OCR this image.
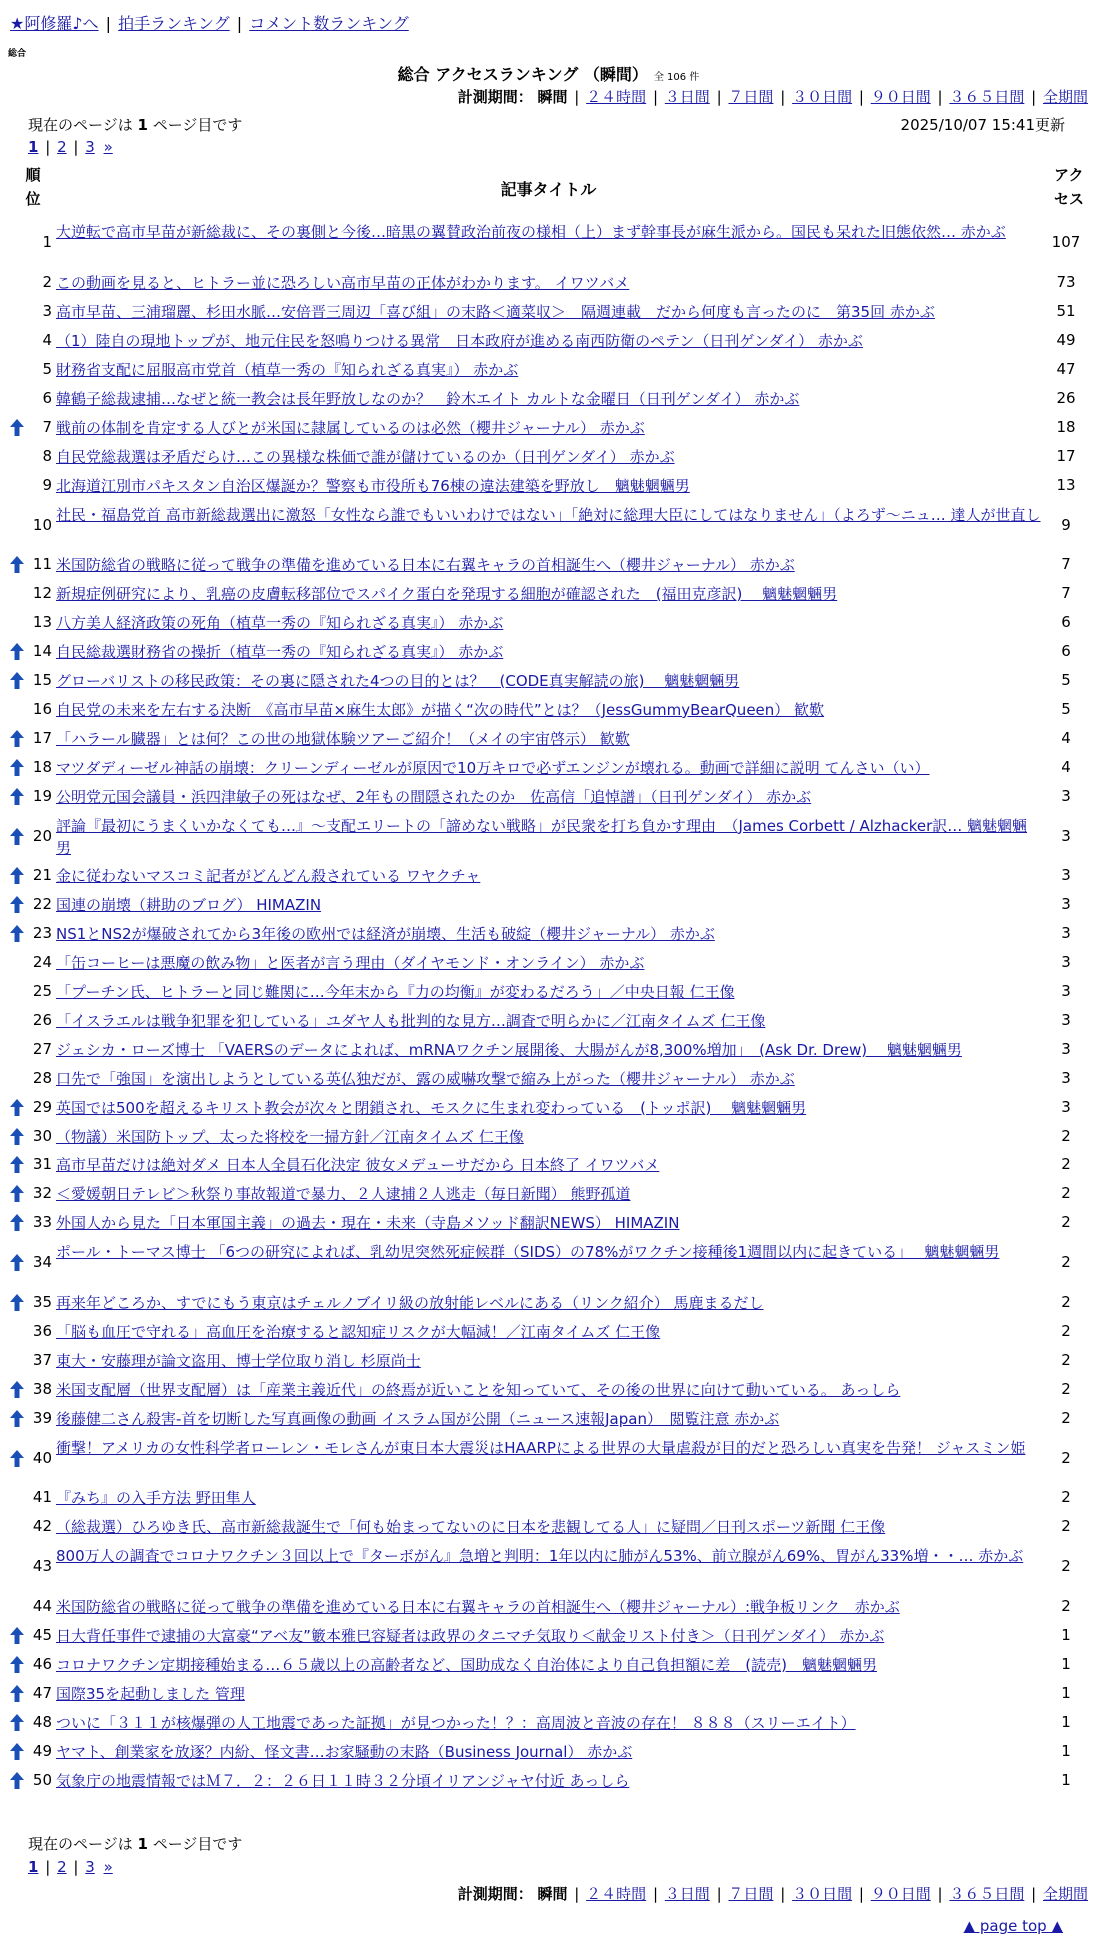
★阿修羅♪へ | 拍手ランキング | コメント数ランキング
総合
総合 アクセスランキング （瞬間） 全 106 件
計測期間： 瞬間 | ２４時間 | ３日間 | ７日間 | ３０日間 | ９０日間 | ３６５日間 | 全期間
現在のページは 1 ページ目です	2025/10/07 15:41更新
1 | 2 | 3 »
順
位	記事タイトル
アク
セス
1
大逆転で高市早苗が新総裁に、その裏側と今後…暗黒の翼賛政治前夜の様相（上）まず幹事長が麻生派から。国民も呆れた旧態依然… 赤かぶ
107
2 この動画を見ると、ヒトラー並に恐ろしい高市早苗の正体がわかります。 イワツバメ	73
3 高市早苗、三浦瑠麗、杉田水脈…安倍晋三周辺「喜び組」の末路＜適菜収＞　隔週連載　だから何度も言ったのに　第35回 赤かぶ	51
4 （1）陸自の現地トップが、地元住民を怒鳴りつける異常　日本政府が進める南西防衛のペテン（日刊ゲンダイ） 赤かぶ	49
5 財務省支配に屈服高市党首（植草一秀の『知られざる真実』） 赤かぶ	47
6 韓鶴子総裁逮捕…なぜと統一教会は長年野放しなのか？　鈴木エイト カルトな金曜日（日刊ゲンダイ） 赤かぶ	26
7 戦前の体制を肯定する人びとが米国に隷属しているのは必然（櫻井ジャーナル） 赤かぶ	18
8 自民党総裁選は矛盾だらけ…この異様な株価で誰が儲けているのか（日刊ゲンダイ） 赤かぶ	17
9 北海道江別市パキスタン自治区爆誕か？警察も市役所も76棟の違法建築を野放し　魑魅魍魎男	13
10
社民・福島党首 高市新総裁選出に激怒「女性なら誰でもいいわけではない」「絶対に総理大臣にしてはなりません」（よろず〜ニュ… 達人が世直し
9
11 米国防総省の戦略に従って戦争の準備を進めている日本に右翼キャラの首相誕生へ（櫻井ジャーナル） 赤かぶ	7
12 新規症例研究により、乳癌の皮膚転移部位でスパイク蛋白を発現する細胞が確認された　(福田克彦訳)　 魑魅魍魎男	7
13 八方美人経済政策の死角（植草一秀の『知られざる真実』） 赤かぶ	6
14 自民総裁選財務省の操折（植草一秀の『知られざる真実』） 赤かぶ	6
15 グローバリストの移民政策：その裏に隠された4つの目的とは？　(CODE真実解読の旅)　 魑魅魍魎男	5
16 自民党の未来を左右する決断　《高市早苗×麻生太郎》が描く“次の時代”とは？（JessGummyBearQueen） 歓歎	5
17 「ハラール臓器」とは何？この世の地獄体験ツアーご紹介！（メイの宇宙啓示） 歓歎	4
18 マツダディーゼル神話の崩壊：クリーンディーゼルが原因で10万キロで必ずエンジンが壊れる。動画で詳細に説明 てんさい（い）	4
19 公明党元国会議員・浜四津敏子の死はなぜ、2年もの間隠されたのか　佐高信「追悼譜」（日刊ゲンダイ） 赤かぶ	3
20
評論『最初にうまくいかなくても…』〜支配エリートの「諦めない戦略」が民衆を打ち負かす理由　（James Corbett / Alzhacker訳… 魑魅魍魎男
3
21 金に従わないマスコミ記者がどんどん殺されている ワヤクチャ	3
22 国連の崩壊（耕助のブログ） HIMAZIN	3
23 NS1とNS2が爆破されてから3年後の欧州では経済が崩壊、生活も破綻（櫻井ジャーナル） 赤かぶ	3
24 「缶コーヒーは悪魔の飲み物」と医者が言う理由（ダイヤモンド・オンライン） 赤かぶ	3
25 「プーチン氏、ヒトラーと同じ難関に…今年末から『力の均衡』が変わるだろう」／中央日報 仁王像	3
26 「イスラエルは戦争犯罪を犯している」ユダヤ人も批判的な見方…調査で明らかに／江南タイムズ 仁王像	3
27 ジェシカ・ローズ博士 「VAERSのデータによれば、mRNAワクチン展開後、大腸がんが8,300%増加」　(Ask Dr. Drew)　 魑魅魍魎男	3
28 口先で「強国」を演出しようとしている英仏独だが、露の威嚇攻撃で縮み上がった（櫻井ジャーナル） 赤かぶ	3
29 英国では500を超えるキリスト教会が次々と閉鎖され、モスクに生まれ変わっている　(トッポ訳)　 魑魅魍魎男	3
30 （物議）米国防トップ、太った将校を一掃方針／江南タイムズ 仁王像	2
31 高市早苗だけは絶対ダメ 日本人全員石化決定 彼女メデューサだから 日本終了 イワツバメ	2
32 ＜愛媛朝日テレビ＞秋祭り事故報道で暴力、２人逮捕２人逃走（毎日新聞） 熊野孤道	2
33 外国人から見た「日本軍国主義」の過去・現在・未来（寺島メソッド翻訳NEWS） HIMAZIN	2
34
ポール・トーマス博士 「6つの研究によれば、乳幼児突然死症候群（SIDS）の78%がワクチン接種後1週間以内に起きている」　 魑魅魍魎男
2
35 再来年どころか、すでにもう東京はチェルノブイリ級の放射能レベルにある（リンク紹介） 馬鹿まるだし	2
36 「脳も血圧で守れる」高血圧を治療すると認知症リスクが大幅減！／江南タイムズ 仁王像	2
37 東大・安藤理が論文盗用、博士学位取り消し 杉原尚士	2
38 米国支配層（世界支配層）は「産業主義近代」の終焉が近いことを知っていて、その後の世界に向けて動いている。 あっしら	2
39 後藤健二さん殺害-首を切断した写真画像の動画 イスラム国が公開（ニュース速報Japan）　閲覧注意 赤かぶ	2
40
衝撃！アメリカの女性科学者ローレン・モレさんが東日本大震災はHAARPによる世界の大量虐殺が目的だと恐ろしい真実を告発！ ジャスミン姫
2
41 『みち』の入手方法 野田隼人	2
42 （総裁選）ひろゆき氏、高市新総裁誕生で「何も始まってないのに日本を悲観してる人」に疑問／日刊スポーツ新聞 仁王像	2
43
800万人の調査でコロナワクチン３回以上で『ターボがん』急増と判明：1年以内に肺がん53%、前立腺がん69%、胃がん33%増・・… 赤かぶ
2
44 米国防総省の戦略に従って戦争の準備を進めている日本に右翼キャラの首相誕生へ（櫻井ジャーナル）:戦争板リンク　赤かぶ	2
45 日大背任事件で逮捕の大富豪“アベ友”籔本雅巳容疑者は政界のタニマチ気取り＜献金リスト付き＞（日刊ゲンダイ） 赤かぶ	1
46 コロナワクチン定期接種始まる…６５歳以上の高齢者など、国助成なく自治体により自己負担額に差　(読売)　魑魅魍魎男	1
47 国際35を起動しました 管理	1
48 ついに「３１１が核爆弾の人工地震であった証拠」が見つかった！？：高周波と音波の存在！ ８８８（スリーエイト）	1
49 ヤマト、創業家を放逐？内紛、怪文書…お家騒動の末路（Business Journal） 赤かぶ	1
50 気象庁の地震情報ではＭ７．２：２６日１１時３２分頃イリアンジャヤ付近 あっしら	1
現在のページは 1 ページ目です
1 | 2 | 3 »
計測期間： 瞬間 | ２４時間 | ３日間 | ７日間 | ３０日間 | ９０日間 | ３６５日間 | 全期間
▲ page top ▲
